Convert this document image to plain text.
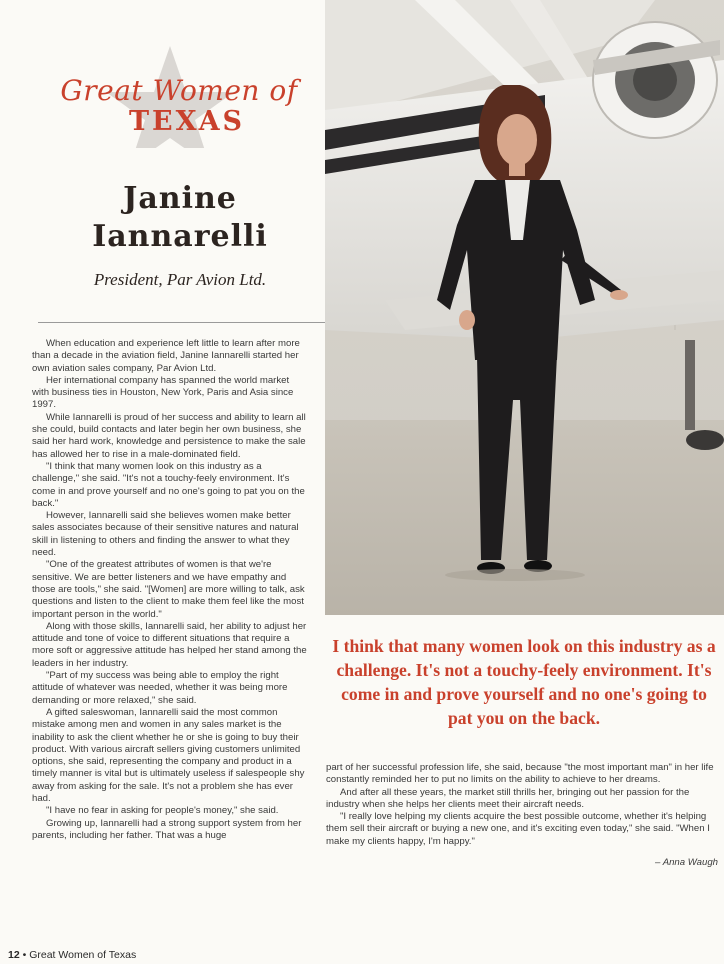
Great Women of
TEXAS
Janine
Iannarelli
President, Par Avion Ltd.

When education and experience left little to learn after more than a decade in the aviation field, Janine Iannarelli started her own aviation sales company, Par Avion Ltd.

Her international company has spanned the world market with business ties in Houston, New York, Paris and Asia since 1997.

While Iannarelli is proud of her success and ability to learn all she could, build contacts and later begin her own business, she said her hard work, knowledge and persistence to make the sale has allowed her to rise in a male-dominated field.

"I think that many women look on this industry as a challenge," she said. "It's not a touchy-feely environment. It's come in and prove yourself and no one's going to pat you on the back."

However, Iannarelli said she believes women make better sales associates because of their sensitive natures and natural skill in listening to others and finding the answer to what they need.

"One of the greatest attributes of women is that we're sensitive. We are better listeners and we have empathy and those are tools," she said. "[Women] are more willing to talk, ask questions and listen to the client to make them feel like the most important person in the world."

Along with those skills, Iannarelli said, her ability to adjust her attitude and tone of voice to different situations that require a more soft or aggressive attitude has helped her stand among the leaders in her industry.

"Part of my success was being able to employ the right attitude of whatever was needed, whether it was being more demanding or more relaxed," she said.

A gifted saleswoman, Iannarelli said the most common mistake among men and women in any sales market is the inability to ask the client whether he or she is going to buy their product. With various aircraft sellers giving customers unlimited options, she said, representing the company and product in a timely manner is vital but is ultimately useless if salespeople shy away from asking for the sale. It's not a problem she has ever had.

"I have no fear in asking for people's money," she said.

Growing up, Iannarelli had a strong support system from her parents, including her father. That was a huge

I think that many women look on this industry as a challenge. It's not a touchy-feely environment. It's come in and prove yourself and no one's going to pat you on the back.

part of her successful profession life, she said, because "the most important man" in her life constantly reminded her to put no limits on the ability to achieve to her dreams.

And after all these years, the market still thrills her, bringing out her passion for the industry when she helps her clients meet their aircraft needs.

"I really love helping my clients acquire the best possible outcome, whether it's helping them sell their aircraft or buying a new one, and it's exciting even today," she said. "When I make my clients happy, I'm happy."

– Anna Waugh
12 • Great Women of Texas
